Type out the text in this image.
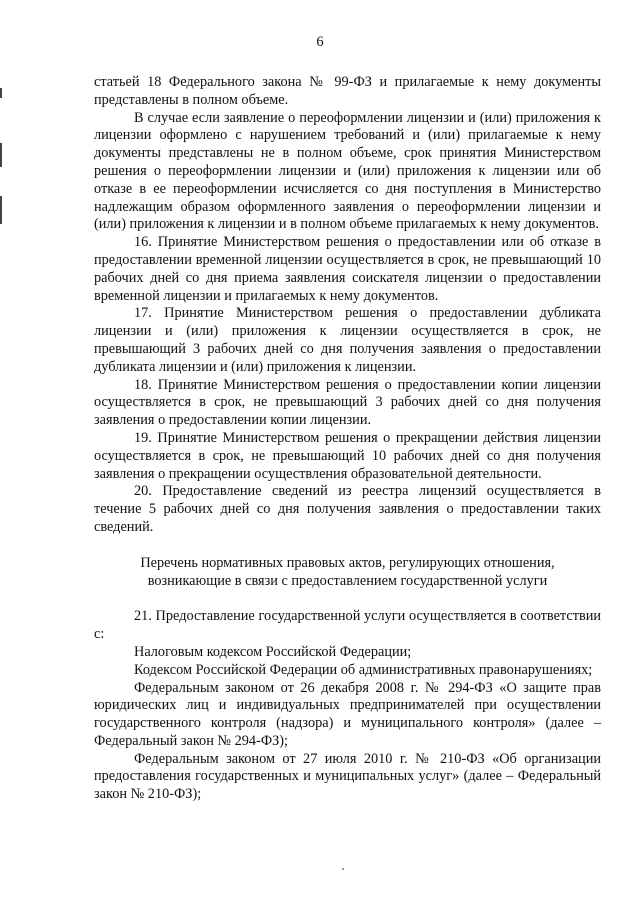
6

статьей 18 Федерального закона № 99-ФЗ и прилагаемые к нему документы представлены в полном объеме.

В случае если заявление о переоформлении лицензии и (или) приложения к лицензии оформлено с нарушением требований и (или) прилагаемые к нему документы представлены не в полном объеме, срок принятия Министерством решения о переоформлении лицензии и (или) приложения к лицензии или об отказе в ее переоформлении исчисляется со дня поступления в Министерство надлежащим образом оформленного заявления о переоформлении лицензии и (или) приложения к лицензии и в полном объеме прилагаемых к нему документов.

16. Принятие Министерством решения о предоставлении или об отказе в предоставлении временной лицензии осуществляется в срок, не превышающий 10 рабочих дней со дня приема заявления соискателя лицензии о предоставлении временной лицензии и прилагаемых к нему документов.

17. Принятие Министерством решения о предоставлении дубликата лицензии и (или) приложения к лицензии осуществляется в срок, не превышающий 3 рабочих дней со дня получения заявления о предоставлении дубликата лицензии и (или) приложения к лицензии.

18. Принятие Министерством решения о предоставлении копии лицензии осуществляется в срок, не превышающий 3 рабочих дней со дня получения заявления о предоставлении копии лицензии.

19. Принятие Министерством решения о прекращении действия лицензии осуществляется в срок, не превышающий 10 рабочих дней со дня получения заявления о прекращении осуществления образовательной деятельности.

20. Предоставление сведений из реестра лицензий осуществляется в течение 5 рабочих дней со дня получения заявления о предоставлении таких сведений.

Перечень нормативных правовых актов, регулирующих отношения,
возникающие в связи с предоставлением государственной услуги

21. Предоставление государственной услуги осуществляется в соответствии с:

Налоговым кодексом Российской Федерации;

Кодексом Российской Федерации об административных правонарушениях;

Федеральным законом от 26 декабря 2008 г. № 294-ФЗ «О защите прав юридических лиц и индивидуальных предпринимателей при осуществлении государственного контроля (надзора) и муниципального контроля» (далее – Федеральный закон № 294-ФЗ);

Федеральным законом от 27 июля 2010 г. № 210-ФЗ «Об организации предоставления государственных и муниципальных услуг» (далее – Федеральный закон № 210-ФЗ);
